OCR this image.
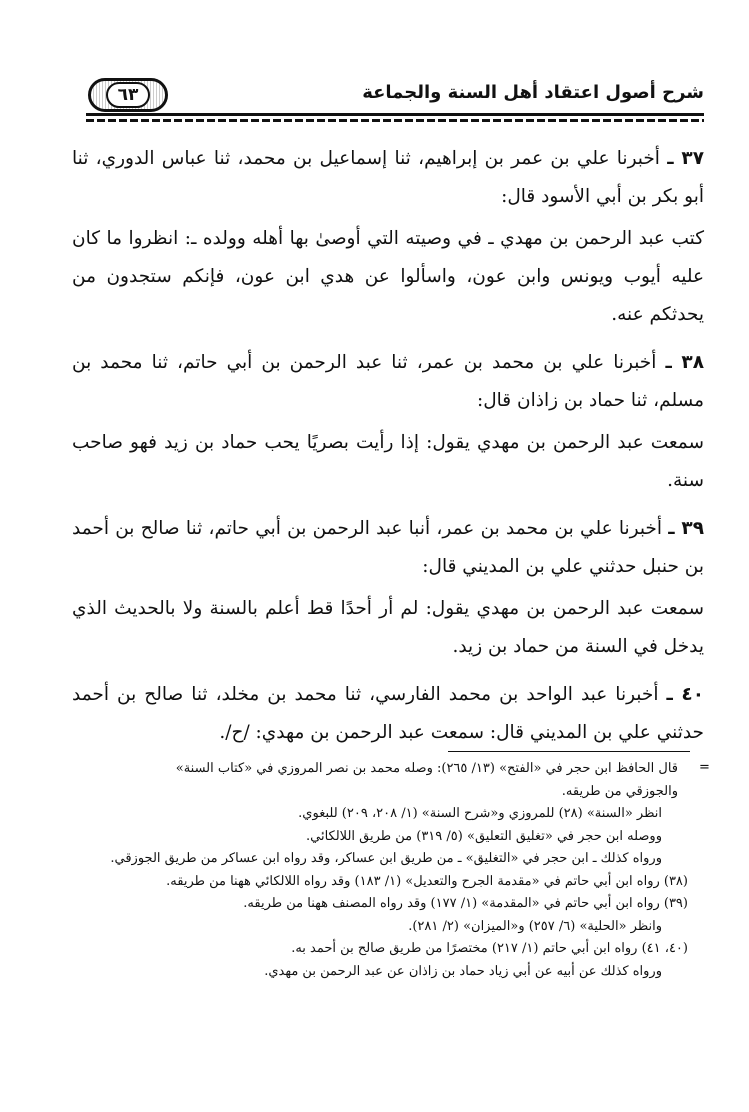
٦٣	شرح أصول اعتقاد أهل السنة والجماعة

٣٧ ـ أخبرنا علي بن عمر بن إبراهيم، ثنا إسماعيل بن محمد، ثنا عباس الدوري، ثنا أبو بكر بن أبي الأسود قال:

كتب عبد الرحمن بن مهدي ـ في وصيته التي أوصىٰ بها أهله وولده ـ: انظروا ما كان عليه أيوب ويونس وابن عون، واسألوا عن هدي ابن عون، فإنكم ستجدون من يحدثكم عنه.

٣٨ ـ أخبرنا علي بن محمد بن عمر، ثنا عبد الرحمن بن أبي حاتم، ثنا محمد بن مسلم، ثنا حماد بن زاذان قال:

سمعت عبد الرحمن بن مهدي يقول: إذا رأيت بصريًا يحب حماد بن زيد فهو صاحب سنة.

٣٩ ـ أخبرنا علي بن محمد بن عمر، أنبا عبد الرحمن بن أبي حاتم، ثنا صالح بن أحمد بن حنبل حدثني علي بن المديني قال:

سمعت عبد الرحمن بن مهدي يقول: لم أر أحدًا قط أعلم بالسنة ولا بالحديث الذي يدخل في السنة من حماد بن زيد.

٤٠ ـ أخبرنا عبد الواحد بن محمد الفارسي، ثنا محمد بن مخلد، ثنا صالح بن أحمد حدثني علي بن المديني قال: سمعت عبد الرحمن بن مهدي: /ح/.

=
قال الحافظ ابن حجر في «الفتح» (١٣/ ٢٦٥): وصله محمد بن نصر المروزي في «كتاب السنة»
والجوزقي من طريقه.
انظر «السنة» (٢٨) للمروزي و«شرح السنة» (١/ ٢٠٨، ٢٠٩) للبغوي.
ووصله ابن حجر في «تغليق التعليق» (٥/ ٣١٩) من طريق اللالكائي.
ورواه كذلك ـ ابن حجر في «التغليق» ـ من طريق ابن عساكر، وقد رواه ابن عساكر من طريق الجوزقي.
(٣٨) رواه ابن أبي حاتم في «مقدمة الجرح والتعديل» (١/ ١٨٣) وقد رواه اللالكائي ههنا من طريقه.
(٣٩) رواه ابن أبي حاتم في «المقدمة» (١/ ١٧٧) وقد رواه المصنف ههنا من طريقه.
وانظر «الحلية» (٦/ ٢٥٧) و«الميزان» (٢/ ٢٨١).
(٤٠، ٤١) رواه ابن أبي حاتم (١/ ٢١٧) مختصرًا من طريق صالح بن أحمد به.
ورواه كذلك عن أبيه عن أبي زياد حماد بن زاذان عن عبد الرحمن بن مهدي.
